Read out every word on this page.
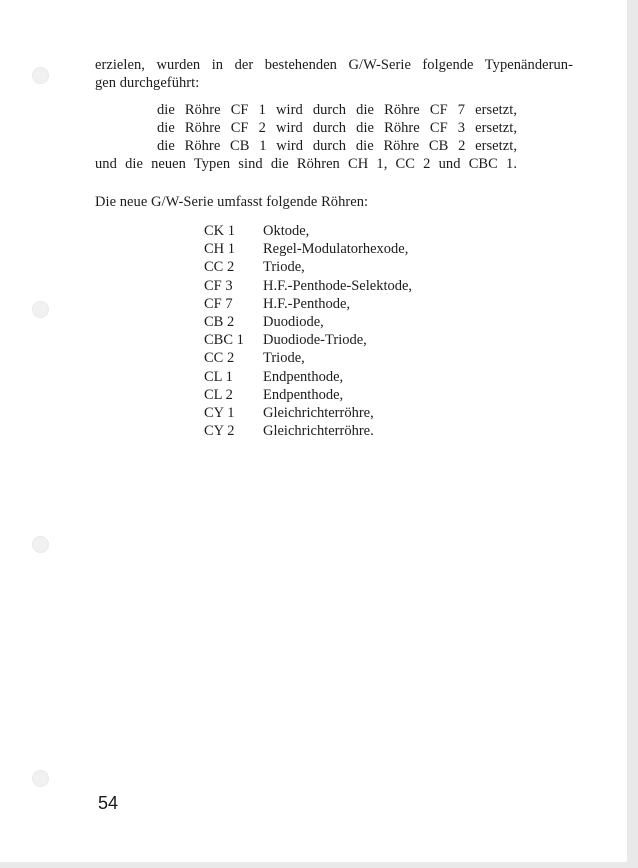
erzielen, wurden in der bestehenden G/W-Serie folgende Typenänderun-
gen durchgeführt:
die Röhre CF 1 wird durch die Röhre CF 7 ersetzt,
die Röhre CF 2 wird durch die Röhre CF 3 ersetzt,
die Röhre CB 1 wird durch die Röhre CB 2 ersetzt,
und die neuen Typen sind die Röhren CH 1, CC 2 und CBC 1.
Die neue G/W-Serie umfasst folgende Röhren:
CK 1	Oktode,
CH 1	Regel-Modulatorhexode,
CC 2	Triode,
CF 3	H.F.-Penthode-Selektode,
CF 7	H.F.-Penthode,
CB 2	Duodiode,
CBC 1	Duodiode-Triode,
CC 2	Triode,
CL 1	Endpenthode,
CL 2	Endpenthode,
CY 1	Gleichrichterröhre,
CY 2	Gleichrichterröhre.
54
